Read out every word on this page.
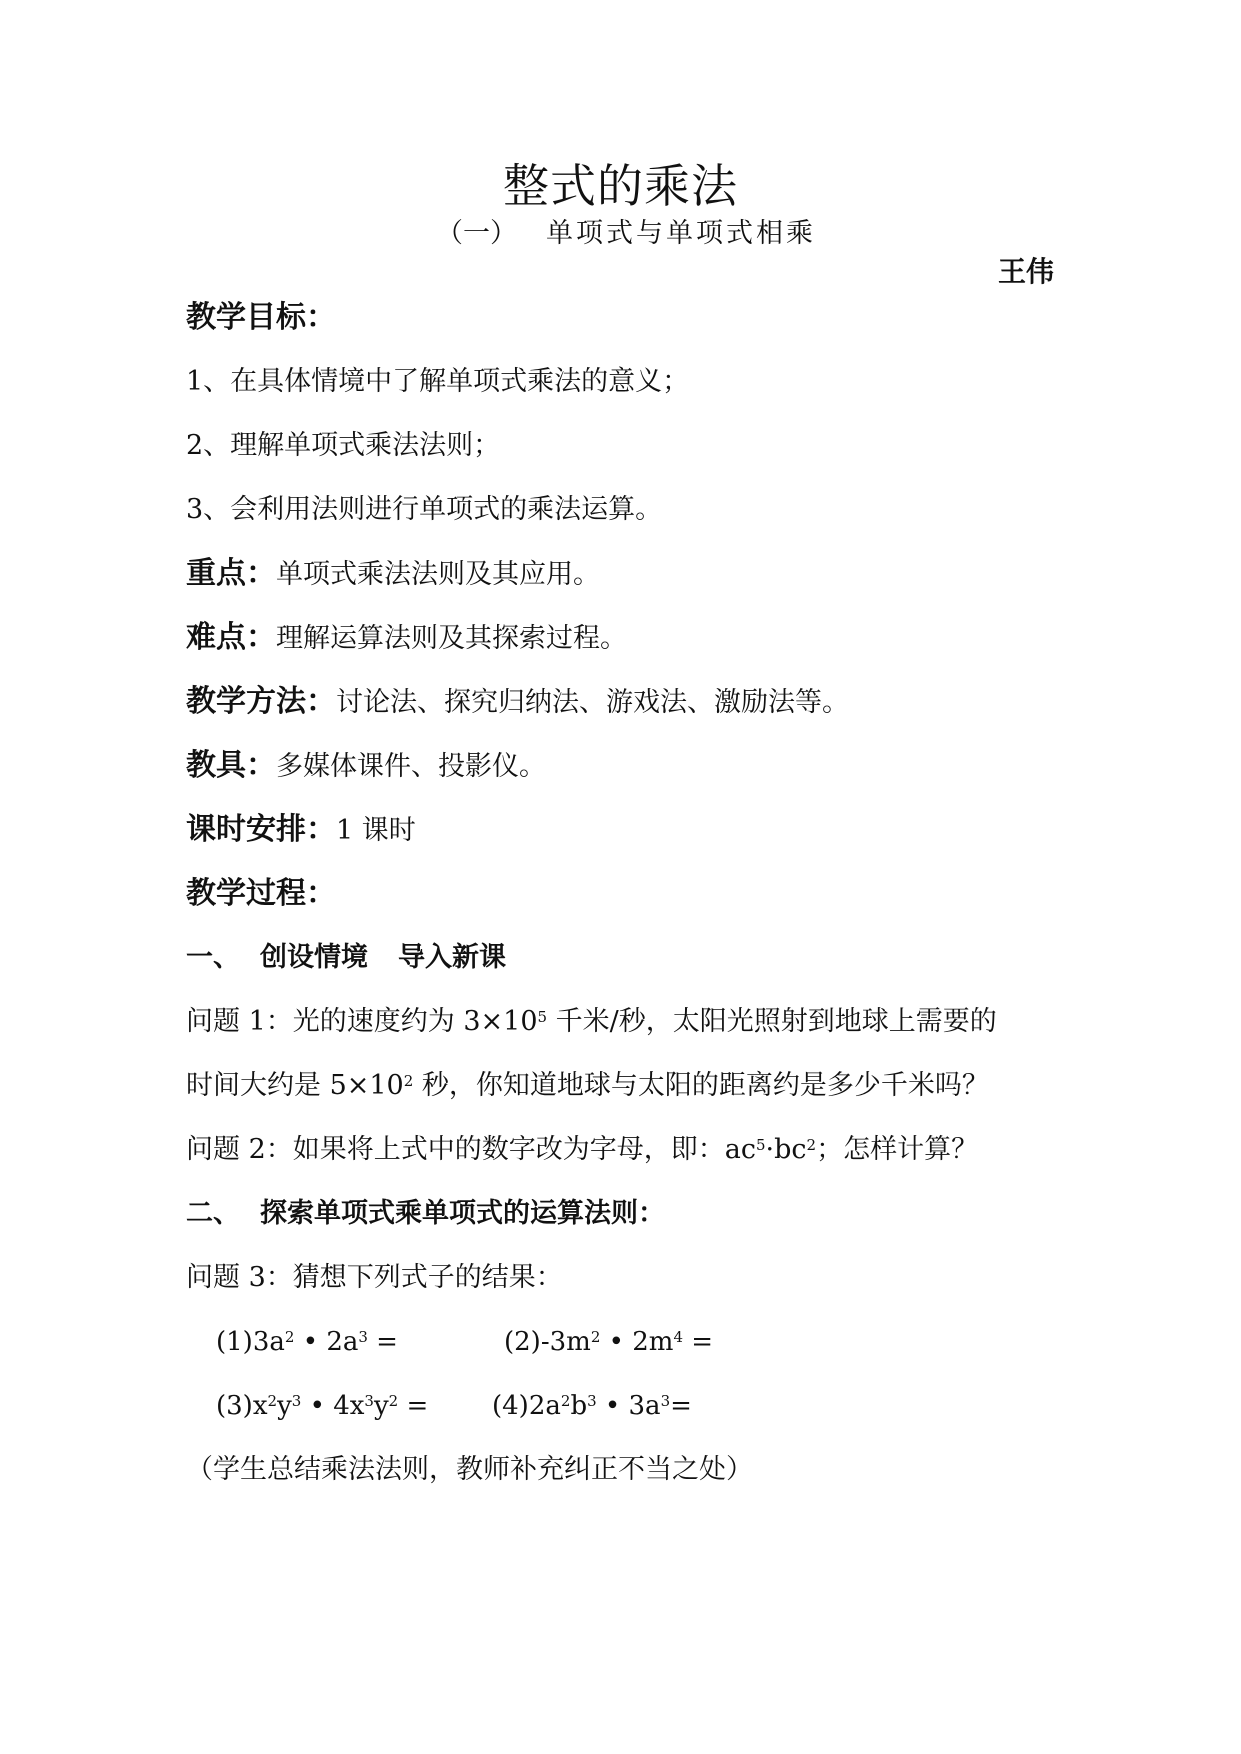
整式的乘法
（一） 单项式与单项式相乘
王伟
教学目标：
1、在具体情境中了解单项式乘法的意义；
2、理解单项式乘法法则；
3、会利用法则进行单项式的乘法运算。
重点：单项式乘法法则及其应用。
难点：理解运算法则及其探索过程。
教学方法：讨论法、探究归纳法、游戏法、激励法等。
教具：多媒体课件、投影仪。
课时安排：1 课时
教学过程：
一、 创设情境 导入新课
问题 1：光的速度约为 $3\times 10^5$ 千米/秒，太阳光照射到地球上需要的
时间大约是 $5\times 10^2$ 秒，你知道地球与太阳的距离约是多少千米吗？
问题 2：如果将上式中的数字改为字母，即：$ac^5\cdot bc^2$；怎样计算？
二、 探索单项式乘单项式的运算法则：
问题 3：猜想下列式子的结果：
$(1)3a^2$ • $2a^3$ =	$(2)-3m^2$ • $2m^4$ =
$(3)x^2y^3$ • $4x^3y^2 = (4)2a^2b^3$ • $3a^3=$
（学生总结乘法法则，教师补充纠正不当之处）
